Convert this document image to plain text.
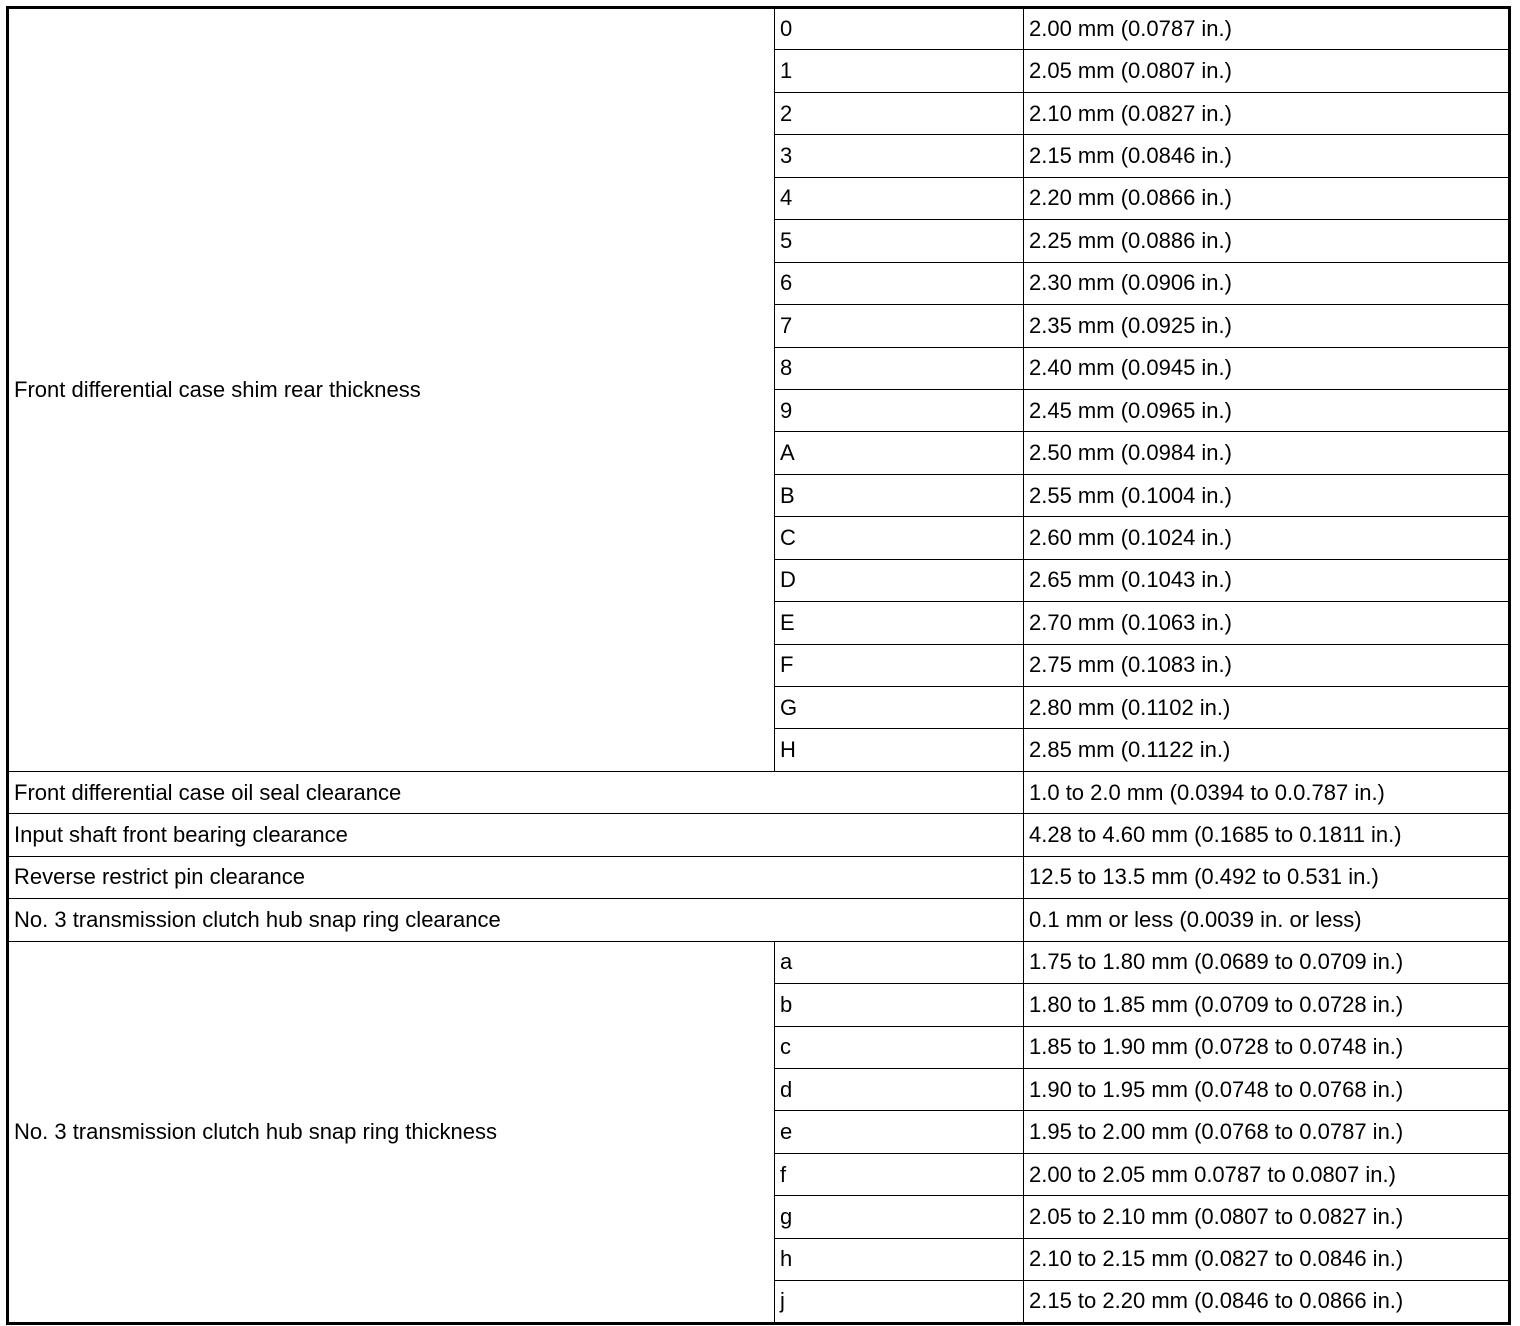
Front differential case shim rear thickness	0	2.00 mm (0.0787 in.)
	1	2.05 mm (0.0807 in.)
	2	2.10 mm (0.0827 in.)
	3	2.15 mm (0.0846 in.)
	4	2.20 mm (0.0866 in.)
	5	2.25 mm (0.0886 in.)
	6	2.30 mm (0.0906 in.)
	7	2.35 mm (0.0925 in.)
	8	2.40 mm (0.0945 in.)
	9	2.45 mm (0.0965 in.)
	A	2.50 mm (0.0984 in.)
	B	2.55 mm (0.1004 in.)
	C	2.60 mm (0.1024 in.)
	D	2.65 mm (0.1043 in.)
	E	2.70 mm (0.1063 in.)
	F	2.75 mm (0.1083 in.)
	G	2.80 mm (0.1102 in.)
	H	2.85 mm (0.1122 in.)
Front differential case oil seal clearance		1.0 to 2.0 mm (0.0394 to 0.0.787 in.)
Input shaft front bearing clearance		4.28 to 4.60 mm (0.1685 to 0.1811 in.)
Reverse restrict pin clearance		12.5 to 13.5 mm (0.492 to 0.531 in.)
No. 3 transmission clutch hub snap ring clearance		0.1 mm or less (0.0039 in. or less)
No. 3 transmission clutch hub snap ring thickness	a	1.75 to 1.80 mm (0.0689 to 0.0709 in.)
	b	1.80 to 1.85 mm (0.0709 to 0.0728 in.)
	c	1.85 to 1.90 mm (0.0728 to 0.0748 in.)
	d	1.90 to 1.95 mm (0.0748 to 0.0768 in.)
	e	1.95 to 2.00 mm (0.0768 to 0.0787 in.)
	f	2.00 to 2.05 mm 0.0787 to 0.0807 in.)
	g	2.05 to 2.10 mm (0.0807 to 0.0827 in.)
	h	2.10 to 2.15 mm (0.0827 to 0.0846 in.)
	j	2.15 to 2.20 mm (0.0846 to 0.0866 in.)
